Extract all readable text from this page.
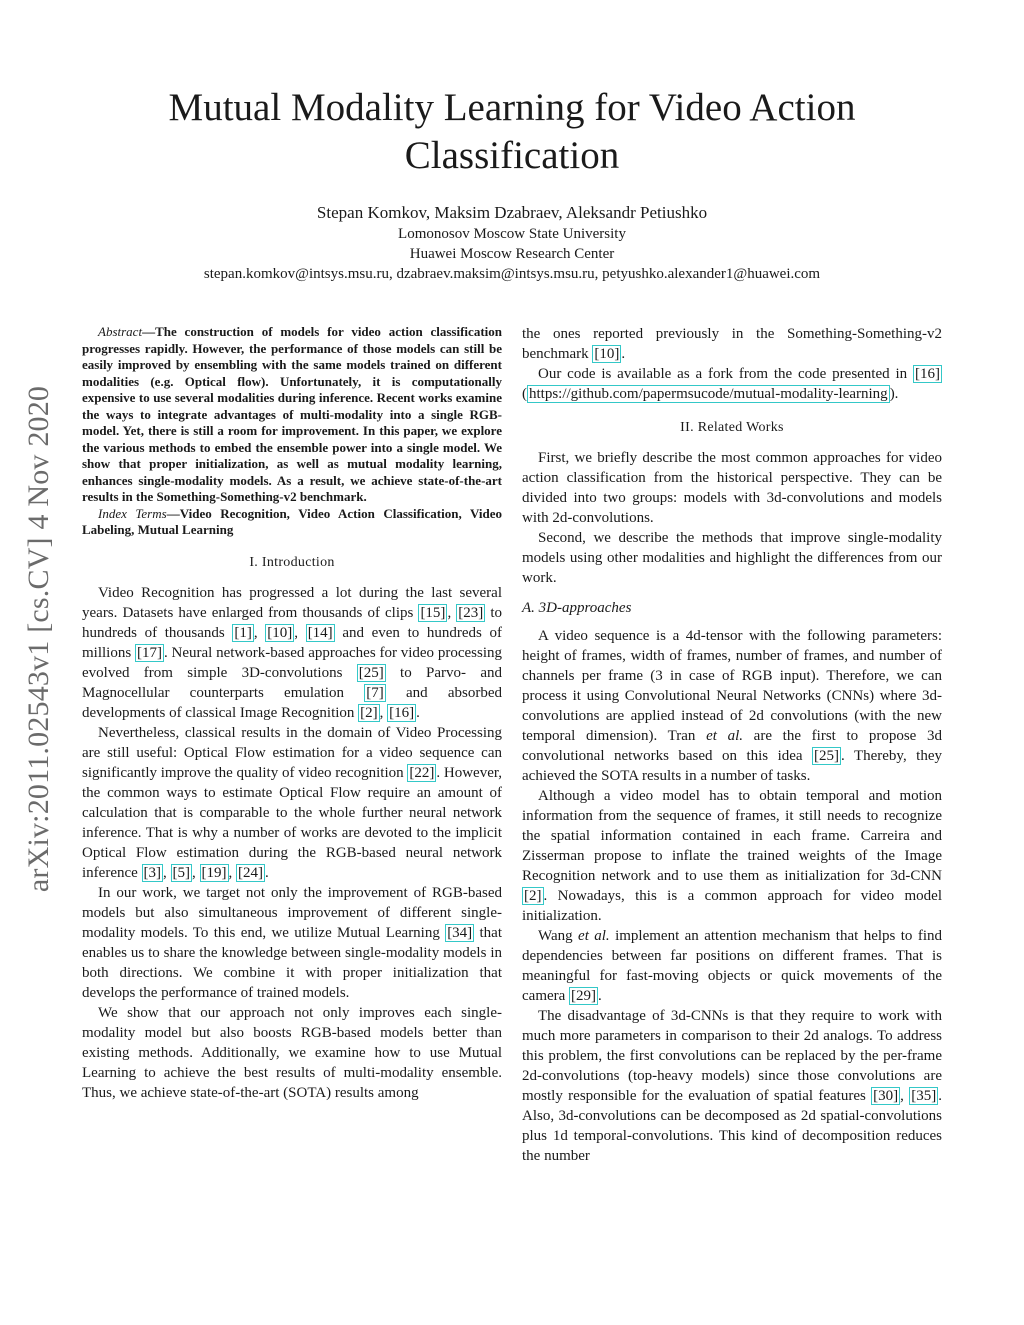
arXiv:2011.02543v1 [cs.CV] 4 Nov 2020
Mutual Modality Learning for Video Action Classification
Stepan Komkov, Maksim Dzabraev, Aleksandr Petiushko
Lomonosov Moscow State University
Huawei Moscow Research Center
stepan.komkov@intsys.msu.ru, dzabraev.maksim@intsys.msu.ru, petyushko.alexander1@huawei.com

Abstract—The construction of models for video action classification progresses rapidly. However, the performance of those models can still be easily improved by ensembling with the same models trained on different modalities (e.g. Optical flow). Unfortunately, it is computationally expensive to use several modalities during inference. Recent works examine the ways to integrate advantages of multi-modality into a single RGB-model. Yet, there is still a room for improvement. In this paper, we explore the various methods to embed the ensemble power into a single model. We show that proper initialization, as well as mutual modality learning, enhances single-modality models. As a result, we achieve state-of-the-art results in the Something-Something-v2 benchmark.

Index Terms—Video Recognition, Video Action Classification, Video Labeling, Mutual Learning

I. Introduction

Video Recognition has progressed a lot during the last several years. Datasets have enlarged from thousands of clips [15] , [23] to hundreds of thousands [1] , [10] , [14] and even to hundreds of millions [17] . Neural network-based approaches for video processing evolved from simple 3D-convolutions [25] to Parvo- and Magnocellular counterparts emulation [7] and absorbed developments of classical Image Recognition [2] , [16] .

Nevertheless, classical results in the domain of Video Processing are still useful: Optical Flow estimation for a video sequence can significantly improve the quality of video recognition [22] . However, the common ways to estimate Optical Flow require an amount of calculation that is comparable to the whole further neural network inference. That is why a number of works are devoted to the implicit Optical Flow estimation during the RGB-based neural network inference [3] , [5] , [19] , [24] .

In our work, we target not only the improvement of RGB-based models but also simultaneous improvement of different single-modality models. To this end, we utilize Mutual Learning [34] that enables us to share the knowledge between single-modality models in both directions. We combine it with proper initialization that develops the performance of trained models.

We show that our approach not only improves each single-modality model but also boosts RGB-based models better than existing methods. Additionally, we examine how to use Mutual Learning to achieve the best results of multi-modality ensemble. Thus, we achieve state-of-the-art (SOTA) results among

the ones reported previously in the Something-Something-v2 benchmark [10] .

Our code is available as a fork from the code presented in [16] ( https://github.com/papermsucode/mutual-modality-learning ).

II. Related Works

First, we briefly describe the most common approaches for video action classification from the historical perspective. They can be divided into two groups: models with 3d-convolutions and models with 2d-convolutions.

Second, we describe the methods that improve single-modality models using other modalities and highlight the differences from our work.

A. 3D-approaches

A video sequence is a 4d-tensor with the following parameters: height of frames, width of frames, number of frames, and number of channels per frame (3 in case of RGB input). Therefore, we can process it using Convolutional Neural Networks (CNNs) where 3d-convolutions are applied instead of 2d convolutions (with the new temporal dimension). Tran et al. are the first to propose 3d convolutional networks based on this idea [25] . Thereby, they achieved the SOTA results in a number of tasks.

Although a video model has to obtain temporal and motion information from the sequence of frames, it still needs to recognize the spatial information contained in each frame. Carreira and Zisserman propose to inflate the trained weights of the Image Recognition network and to use them as initialization for 3d-CNN [2] . Nowadays, this is a common approach for video model initialization.

Wang et al. implement an attention mechanism that helps to find dependencies between far positions on different frames. That is meaningful for fast-moving objects or quick movements of the camera [29] .

The disadvantage of 3d-CNNs is that they require to work with much more parameters in comparison to their 2d analogs. To address this problem, the first convolutions can be replaced by the per-frame 2d-convolutions (top-heavy models) since those convolutions are mostly responsible for the evaluation of spatial features [30] , [35] . Also, 3d-convolutions can be decomposed as 2d spatial-convolutions plus 1d temporal-convolutions. This kind of decomposition reduces the number
